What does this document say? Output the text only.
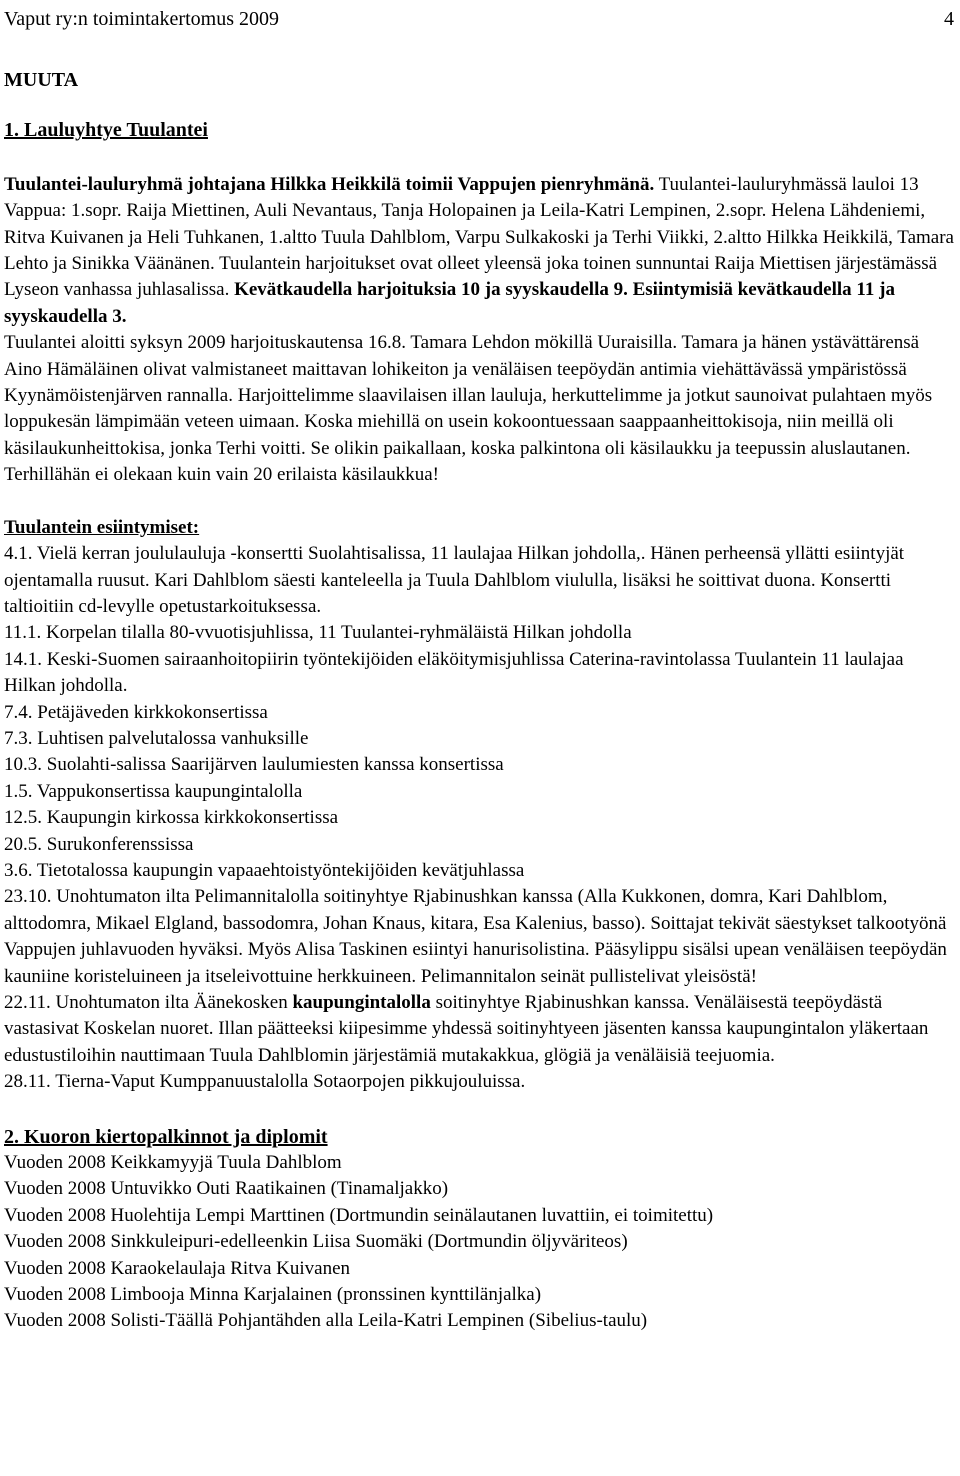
Vaput ry:n toimintakertomus 2009	4
MUUTA
1. Lauluyhtye Tuulantei

Tuulantei-lauluryhmä johtajana Hilkka Heikkilä toimii Vappujen pienryhmänä. Tuulantei-lauluryhmässä lauloi 13 Vappua: 1.sopr. Raija Miettinen, Auli Nevantaus, Tanja Holopainen ja Leila-Katri Lempinen, 2.sopr. Helena Lähdeniemi, Ritva Kuivanen ja Heli Tuhkanen, 1.altto Tuula Dahlblom, Varpu Sulkakoski ja Terhi Viikki, 2.altto Hilkka Heikkilä, Tamara Lehto ja Sinikka Väänänen. Tuulantein harjoitukset ovat olleet yleensä joka toinen sunnuntai Raija Miettisen järjestämässä Lyseon vanhassa juhlasalissa. Kevätkaudella harjoituksia 10 ja syyskaudella 9. Esiintymisiä kevätkaudella 11 ja syyskaudella 3.

Tuulantei aloitti syksyn 2009 harjoituskautensa 16.8. Tamara Lehdon mökillä Uuraisilla. Tamara ja hänen ystävättärensä Aino Hämäläinen olivat valmistaneet maittavan lohikeiton ja venäläisen teepöydän antimia viehättävässä ympäristössä Kyynämöistenjärven rannalla. Harjoittelimme slaavilaisen illan lauluja, herkuttelimme ja jotkut saunoivat pulahtaen myös loppukesän lämpimään veteen uimaan. Koska miehillä on usein kokoontuessaan saappaanheittokisoja, niin meillä oli käsilaukunheittokisa, jonka Terhi voitti. Se olikin paikallaan, koska palkintona oli käsilaukku ja teepussin aluslautanen. Terhillähän ei olekaan kuin vain 20 erilaista käsilaukkua!

Tuulantein esiintymiset:

4.1. Vielä kerran joululauluja -konsertti Suolahtisalissa, 11 laulajaa Hilkan johdolla,. Hänen perheensä yllätti esiintyjät ojentamalla ruusut. Kari Dahlblom säesti kanteleella ja Tuula Dahlblom viululla, lisäksi he soittivat duona. Konsertti taltioitiin cd-levylle opetustarkoituksessa.

11.1. Korpelan tilalla 80-vvuotisjuhlissa, 11 Tuulantei-ryhmäläistä Hilkan johdolla

14.1. Keski-Suomen sairaanhoitopiirin työntekijöiden eläköitymisjuhlissa Caterina-ravintolassa Tuulantein 11 laulajaa Hilkan johdolla.

7.4. Petäjäveden kirkkokonsertissa

7.3. Luhtisen palvelutalossa vanhuksille

10.3. Suolahti-salissa Saarijärven laulumiesten kanssa konsertissa

1.5. Vappukonsertissa kaupungintalolla

12.5. Kaupungin kirkossa kirkkokonsertissa

20.5. Surukonferenssissa

3.6. Tietotalossa kaupungin vapaaehtoistyöntekijöiden kevätjuhlassa

23.10. Unohtumaton ilta Pelimannitalolla soitinyhtye Rjabinushkan kanssa (Alla Kukkonen, domra, Kari Dahlblom, alttodomra, Mikael Elgland, bassodomra, Johan Knaus, kitara, Esa Kalenius, basso). Soittajat tekivät säestykset talkootyönä Vappujen juhlavuoden hyväksi. Myös Alisa Taskinen esiintyi hanurisolistina. Pääsylippu sisälsi upean venäläisen teepöydän kauniine koristeluineen ja itseleivottuine herkkuineen. Pelimannitalon seinät pullistelivat yleisöstä!

22.11. Unohtumaton ilta Äänekosken kaupungintalolla soitinyhtye Rjabinushkan kanssa. Venäläisestä teepöydästä vastasivat Koskelan nuoret. Illan päätteeksi kiipesimme yhdessä soitinyhtyeen jäsenten kanssa kaupungintalon yläkertaan edustustiloihin nauttimaan Tuula Dahlblomin järjestämiä mutakakkua, glögiä ja venäläisiä teejuomia.

28.11. Tierna-Vaput Kumppanuustalolla Sotaorpojen pikkujouluissa.

2. Kuoron kiertopalkinnot ja diplomit

Vuoden 2008 Keikkamyyjä Tuula Dahlblom

Vuoden 2008 Untuvikko Outi Raatikainen (Tinamaljakko)

Vuoden 2008 Huolehtija Lempi Marttinen (Dortmundin seinälautanen luvattiin, ei toimitettu)

Vuoden 2008 Sinkkuleipuri-edelleenkin Liisa Suomäki (Dortmundin öljyväriteos)

Vuoden 2008 Karaokelaulaja Ritva Kuivanen

Vuoden 2008 Limbooja Minna Karjalainen (pronssinen kynttilänjalka)

Vuoden 2008 Solisti-Täällä Pohjantähden alla Leila-Katri Lempinen (Sibelius-taulu)
